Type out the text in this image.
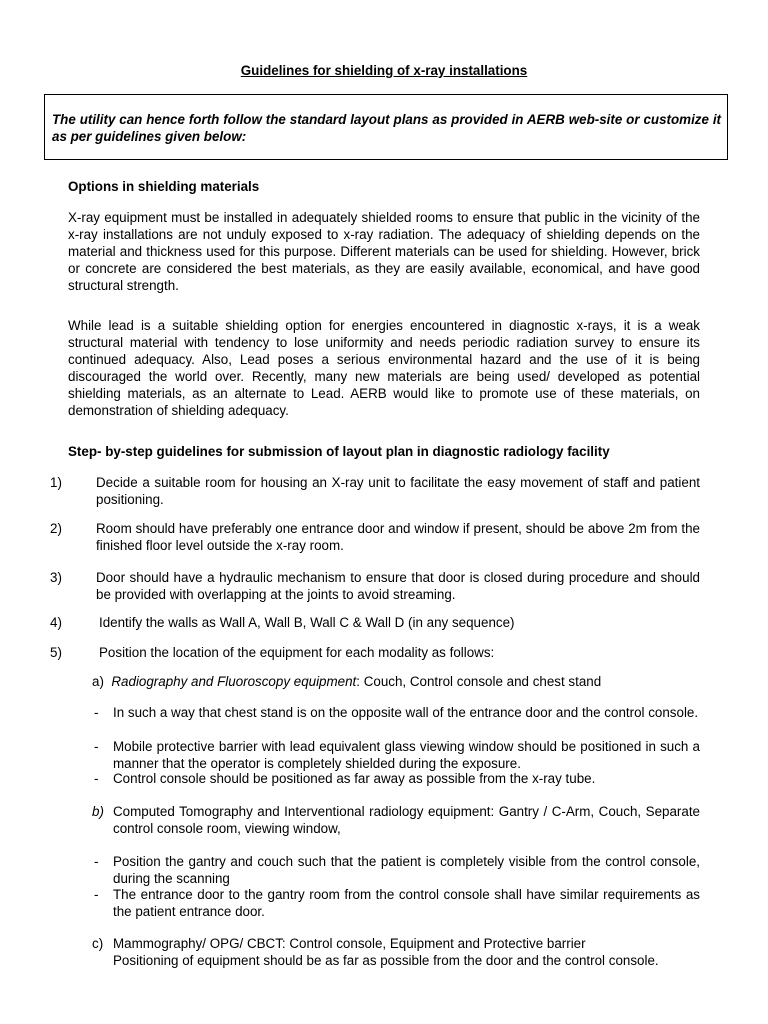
Guidelines for shielding of x-ray installations
The utility can hence forth follow the standard layout plans as provided in AERB web-site or customize it as per guidelines given below:
Options in shielding materials
X-ray equipment must be installed in adequately shielded rooms to ensure that public in the vicinity of the x-ray installations are not unduly exposed to x-ray radiation. The adequacy of shielding depends on the material and thickness used for this purpose. Different materials can be used for shielding. However, brick or concrete are considered the best materials, as they are easily available, economical, and have good structural strength.
While lead is a suitable shielding option for energies encountered in diagnostic x-rays, it is a weak structural material with tendency to lose uniformity and needs periodic radiation survey to ensure its continued adequacy. Also, Lead poses a serious environmental hazard and the use of it is being discouraged the world over. Recently, many new materials are being used/ developed as potential shielding materials, as an alternate to Lead. AERB would like to promote use of these materials, on demonstration of shielding adequacy.
Step- by-step guidelines for submission of layout plan in diagnostic radiology facility
1)	Decide a suitable room for housing an X-ray unit to facilitate the easy movement of staff and patient positioning.
2)	Room should have preferably one entrance door and window if present, should be above 2m from the finished floor level outside the x-ray room.
3)	Door should have a hydraulic mechanism to ensure that door is closed during procedure and should be provided with overlapping at the joints to avoid streaming.
4)	Identify the walls as Wall A, Wall B, Wall C & Wall D (in any sequence)
5)	Position the location of the equipment for each modality as follows:
a) Radiography and Fluoroscopy equipment: Couch, Control console and chest stand
-	In such a way that chest stand is on the opposite wall of the entrance door and the control console.
-	Mobile protective barrier with lead equivalent glass viewing window should be positioned in such a manner that the operator is completely shielded during the exposure.
-	Control console should be positioned as far away as possible from the x-ray tube.
b) Computed Tomography and Interventional radiology equipment: Gantry / C-Arm, Couch, Separate control console room, viewing window,
-	Position the gantry and couch such that the patient is completely visible from the control console, during the scanning
-	The entrance door to the gantry room from the control console shall have similar requirements as the patient entrance door.
c) Mammography/ OPG/ CBCT: Control console, Equipment and Protective barrier
Positioning of equipment should be as far as possible from the door and the control console.
